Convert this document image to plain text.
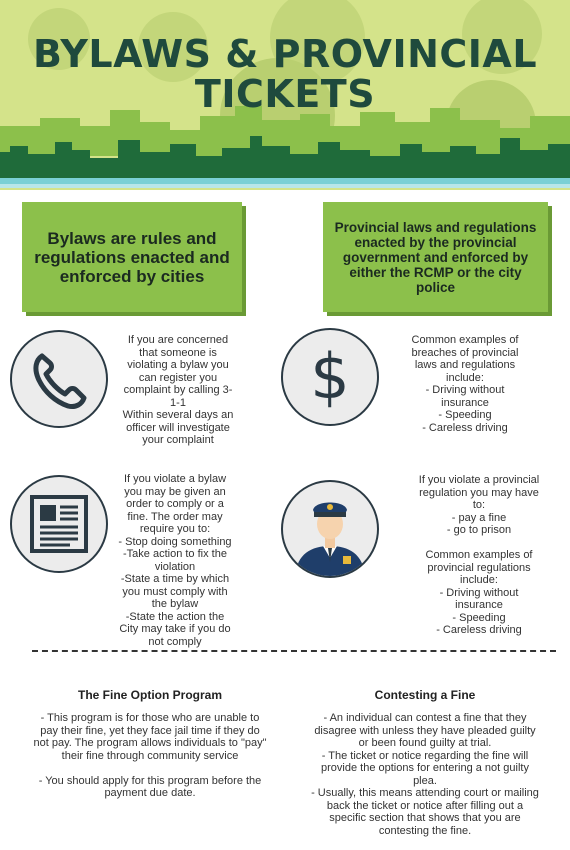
BYLAWS & PROVINCIAL TICKETS
Bylaws are rules and regulations enacted and enforced by cities
Provincial laws and regulations enacted by the provincial government and enforced by either the RCMP or the city police
$
If you are concerned
that someone is
violating a bylaw you
can register you
complaint by calling 3-
1-1
Within several days an
officer will investigate
your complaint
Common examples of
breaches of provincial
laws and regulations
include:
- Driving without
insurance
- Speeding
- Careless driving
If you violate a bylaw
you may be given an
order to comply or a
fine. The order may
require you to:
- Stop doing something
-Take action to fix the
violation
-State a time by which
you must comply with
the bylaw
-State the action the
City may take if you do
not comply
If you violate a provincial
regulation you may have
to:
- pay a fine
- go to prison

Common examples of
provincial regulations
include:
- Driving without
insurance
- Speeding
- Careless driving
The Fine Option Program
- This program is for those who are unable to
pay their fine, yet they face jail time if they do
not pay. The program allows individuals to "pay"
their fine through community service

- You should apply for this program before the
payment due date.
Contesting a Fine
- An individual can contest a fine that they
disagree with unless they have pleaded guilty
or been found guilty at trial.
- The ticket or notice regarding the fine will
provide the options for entering a not guilty
plea.
- Usually, this means attending court or mailing
back the ticket or notice after filling out a
specific section that shows that you are
contesting the fine.
